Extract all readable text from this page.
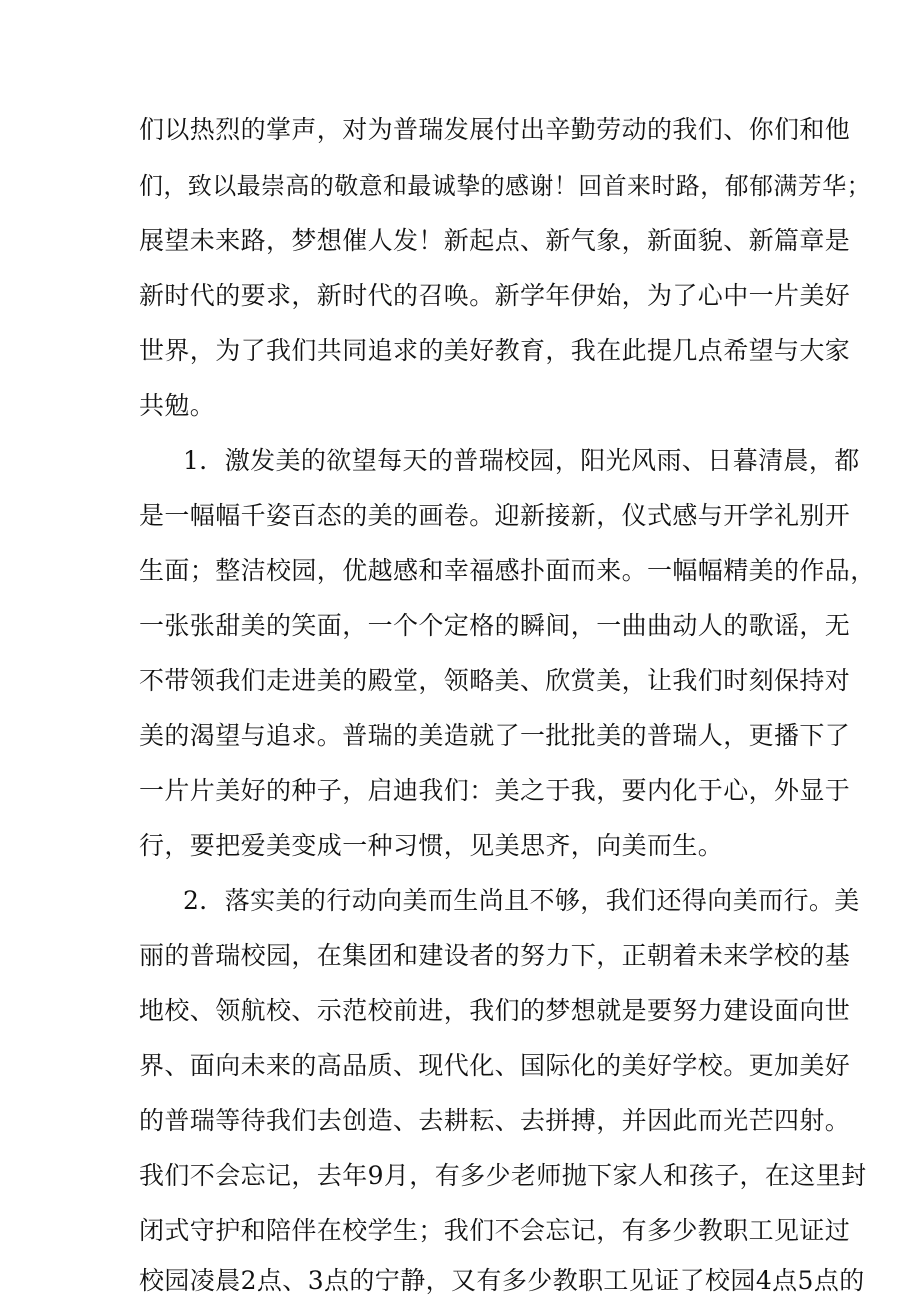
们以热烈的掌声，对为普瑞发展付出辛勤劳动的我们、你们和他
们，致以最崇高的敬意和最诚挚的感谢！回首来时路，郁郁满芳华；
展望未来路，梦想催人发！新起点、新气象，新面貌、新篇章是
新时代的要求，新时代的召唤。新学年伊始，为了心中一片美好
世界，为了我们共同追求的美好教育，我在此提几点希望与大家
共勉。
1．激发美的欲望每天的普瑞校园，阳光风雨、日暮清晨，都
是一幅幅千姿百态的美的画卷。迎新接新，仪式感与开学礼别开
生面；整洁校园，优越感和幸福感扑面而来。一幅幅精美的作品，
一张张甜美的笑面，一个个定格的瞬间，一曲曲动人的歌谣，无
不带领我们走进美的殿堂，领略美、欣赏美，让我们时刻保持对
美的渴望与追求。普瑞的美造就了一批批美的普瑞人，更播下了
一片片美好的种子，启迪我们：美之于我，要内化于心，外显于
行，要把爱美变成一种习惯，见美思齐，向美而生。
2．落实美的行动向美而生尚且不够，我们还得向美而行。美
丽的普瑞校园，在集团和建设者的努力下，正朝着未来学校的基
地校、领航校、示范校前进，我们的梦想就是要努力建设面向世
界、面向未来的高品质、现代化、国际化的美好学校。更加美好
的普瑞等待我们去创造、去耕耘、去拼搏，并因此而光芒四射。
我们不会忘记，去年9月，有多少老师抛下家人和孩子，在这里封
闭式守护和陪伴在校学生；我们不会忘记，有多少教职工见证过
校园凌晨2点、3点的宁静，又有多少教职工见证了校园4点5点的
